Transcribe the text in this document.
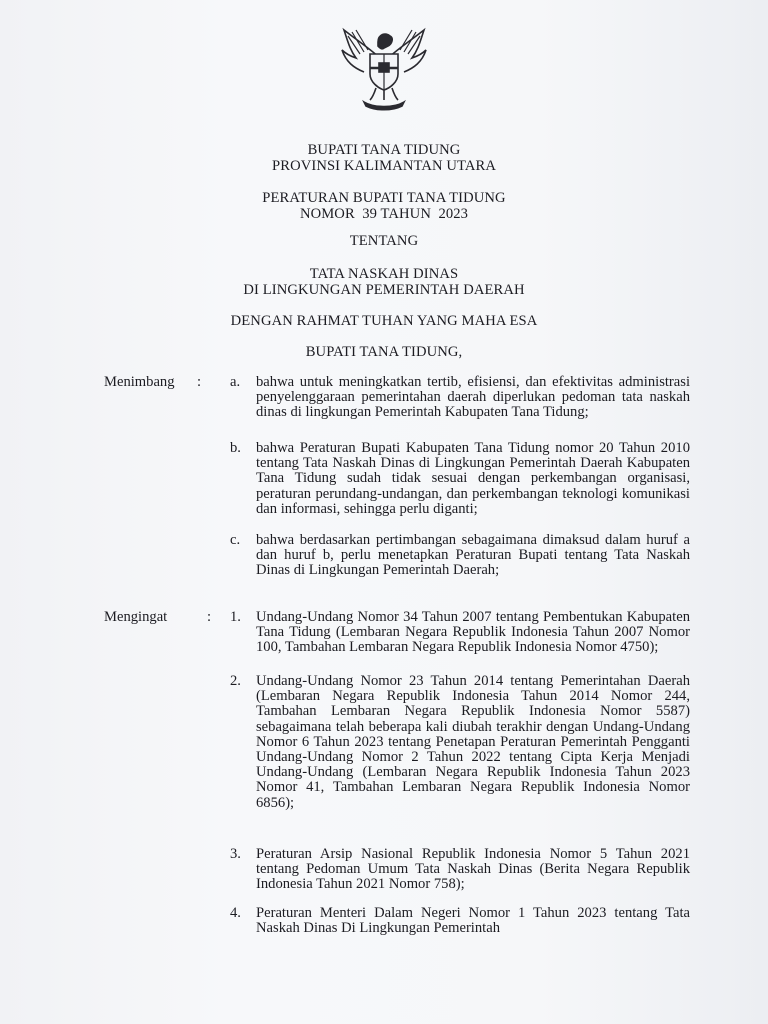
BUPATI TANA TIDUNG
PROVINSI KALIMANTAN UTARA
PERATURAN BUPATI TANA TIDUNG
NOMOR  39 TAHUN  2023
TENTANG
TATA NASKAH DINAS
DI LINGKUNGAN PEMERINTAH DAERAH
DENGAN RAHMAT TUHAN YANG MAHA ESA
BUPATI TANA TIDUNG,
Menimbang : a.	bahwa untuk meningkatkan tertib, efisiensi, dan efektivitas administrasi penyelenggaraan pemerintahan daerah diperlukan pedoman tata naskah dinas di lingkungan Pemerintah Kabupaten Tana Tidung;
b.	bahwa Peraturan Bupati Kabupaten Tana Tidung nomor 20 Tahun 2010 tentang Tata Naskah Dinas di Lingkungan Pemerintah Daerah Kabupaten Tana Tidung sudah tidak sesuai dengan perkembangan organisasi, peraturan perundang-undangan, dan perkembangan teknologi komunikasi dan informasi, sehingga perlu diganti;
c.	bahwa berdasarkan pertimbangan sebagaimana dimaksud dalam huruf a dan huruf b, perlu menetapkan Peraturan Bupati tentang Tata Naskah Dinas di Lingkungan Pemerintah Daerah;
Mengingat	: 1.	Undang-Undang Nomor 34 Tahun 2007 tentang Pembentukan Kabupaten Tana Tidung (Lembaran Negara Republik Indonesia Tahun 2007 Nomor 100, Tambahan Lembaran Negara Republik Indonesia Nomor 4750);
2.	Undang-Undang Nomor 23 Tahun 2014 tentang Pemerintahan Daerah (Lembaran Negara Republik Indonesia Tahun 2014 Nomor 244, Tambahan Lembaran Negara Republik Indonesia Nomor 5587) sebagaimana telah beberapa kali diubah terakhir dengan Undang-Undang Nomor 6 Tahun 2023 tentang Penetapan Peraturan Pemerintah Pengganti Undang-Undang Nomor 2 Tahun 2022 tentang Cipta Kerja Menjadi Undang-Undang (Lembaran Negara Republik Indonesia Tahun 2023 Nomor 41, Tambahan Lembaran Negara Republik Indonesia Nomor 6856);
3.	Peraturan Arsip Nasional Republik Indonesia Nomor 5 Tahun 2021 tentang Pedoman Umum Tata Naskah Dinas (Berita Negara Republik Indonesia Tahun 2021 Nomor 758);
4.	Peraturan Menteri Dalam Negeri Nomor 1 Tahun 2023 tentang Tata Naskah Dinas Di Lingkungan Pemerintah
